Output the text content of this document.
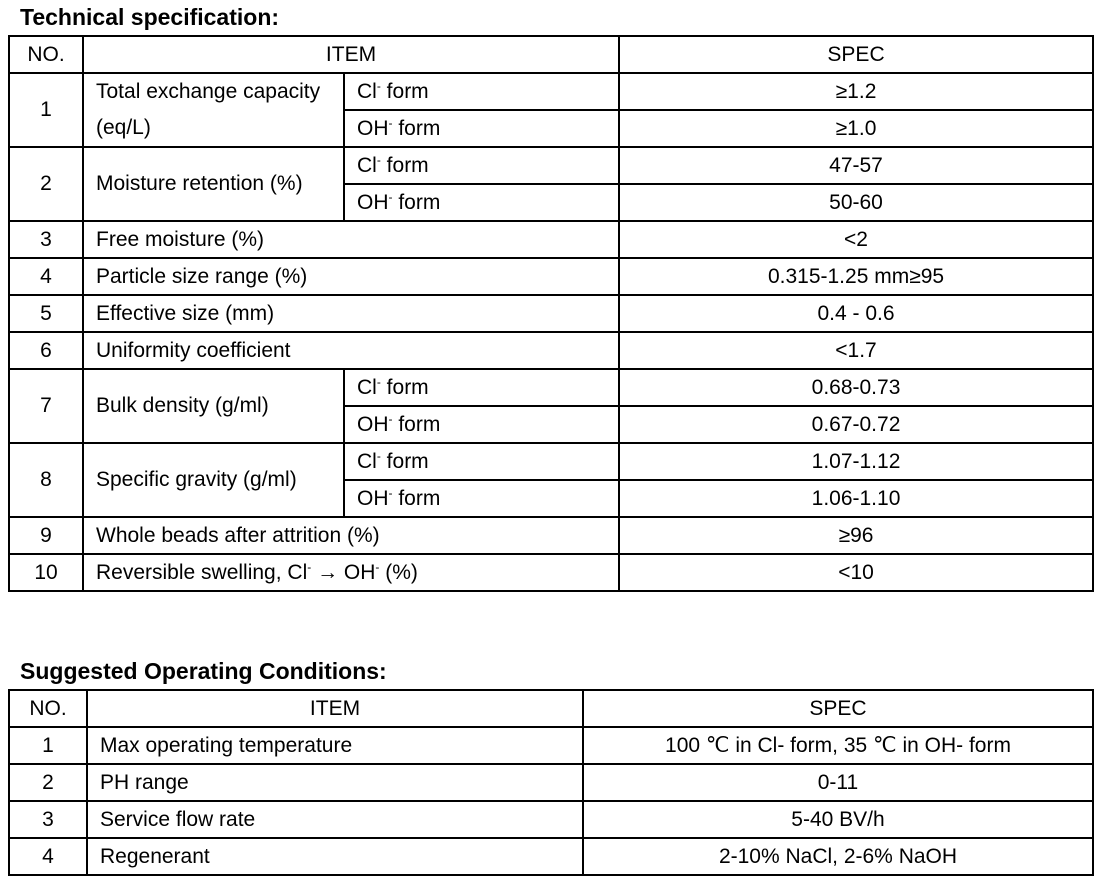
Technical specification:
NO.	ITEM		SPEC
1	Total exchange capacity (eq/L)	Cl- form	≥1.2
		OH- form	≥1.0
2	Moisture retention (%)	Cl- form	47-57
		OH- form	50-60
3	Free moisture (%)		<2
4	Particle size range (%)		0.315-1.25 mm≥95
5	Effective size (mm)		0.4 - 0.6
6	Uniformity coefficient		<1.7
7	Bulk density (g/ml)	Cl- form	0.68-0.73
		OH- form	0.67-0.72
8	Specific gravity (g/ml)	Cl- form	1.07-1.12
		OH- form	1.06-1.10
9	Whole beads after attrition (%)		≥96
10	Reversible swelling, Cl- → OH- (%)		<10
Suggested Operating Conditions:
NO.	ITEM	SPEC
1	Max operating temperature	100 ℃ in Cl- form, 35 ℃ in OH- form
2	PH range	0-11
3	Service flow rate	5-40 BV/h
4	Regenerant	2-10% NaCl, 2-6% NaOH
